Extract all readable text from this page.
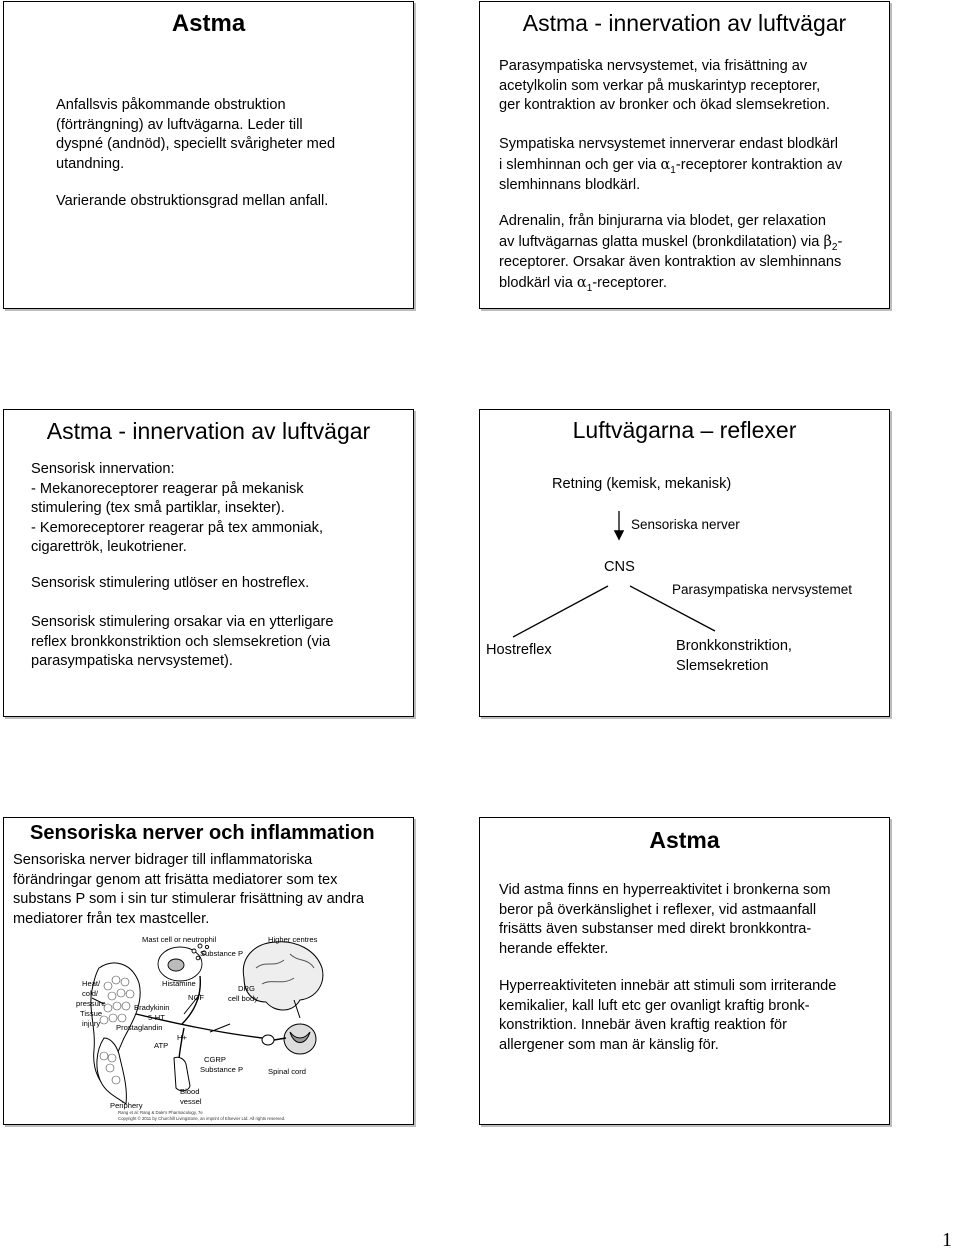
Astma
Anfallsvis påkommande obstruktion
(förträngning) av luftvägarna. Leder till
dyspné (andnöd), speciellt svårigheter med
utandning.
Varierande obstruktionsgrad mellan anfall.
Astma - innervation av luftvägar
Parasympatiska nervsystemet, via frisättning av
acetylkolin som verkar på muskarintyp receptorer,
ger kontraktion av bronker och ökad slemsekretion.
Sympatiska nervsystemet innerverar endast blodkärl
i slemhinnan och ger via $\alpha_1$-receptorer kontraktion av
slemhinnans blodkärl.
Adrenalin, från binjurarna via blodet, ger relaxation
av luftvägarnas glatta muskel (bronkdilatation) via $\beta_2-$
receptorer. Orsakar även kontraktion av slemhinnans
blodkärl via $\alpha_1$-receptorer.
Astma - innervation av luftvägar
Sensorisk innervation:
- Mekanoreceptorer reagerar på mekanisk
stimulering (tex små partiklar, insekter).
- Kemoreceptorer reagerar på tex ammoniak,
cigarettrök, leukotriener.
Sensorisk stimulering utlöser en hostreflex.
Sensorisk stimulering orsakar via en ytterligare
reflex bronkkonstriktion och slemsekretion (via
parasympatiska nervsystemet).
Luftvägarna – reflexer
Retning (kemisk, mekanisk)
Sensoriska nerver
CNS
Parasympatiska nervsystemet
Hostreflex	Bronkkonstriktion,
Slemsekretion
Sensoriska nerver och inflammation
Sensoriska nerver bidrager till inflammatoriska
förändringar genom att frisätta mediatorer som tex
substans P som i sin tur stimulerar frisättning av andra
mediatorer från tex mastceller.
Mast cell or neutrophil	Higher centres
Substance P
Heat/
cold/
pressure
Tissue
injury
Histamine
NGF
DRG
cell body
Bradykinin
5-HT
Prostaglandin
H+
ATP
CGRP
Substance P	Spinal cord
Blood
vessel
Periphery
Rang et al: Rang & Dale's Pharmacology, 7e
Copyright © 2011 by Churchill Livingstone, an imprint of Elsevier Ltd. All rights reserved.
Astma
Vid astma finns en hyperreaktivitet i bronkerna som
beror på överkänslighet i reflexer, vid astmaanfall
frisätts även substanser med direkt bronkkontra-
herande effekter.
Hyperreaktiviteten innebär att stimuli som irriterande
kemikalier, kall luft etc ger ovanligt kraftig bronk-
konstriktion. Innebär även kraftig reaktion för
allergener som man är känslig för.
1
